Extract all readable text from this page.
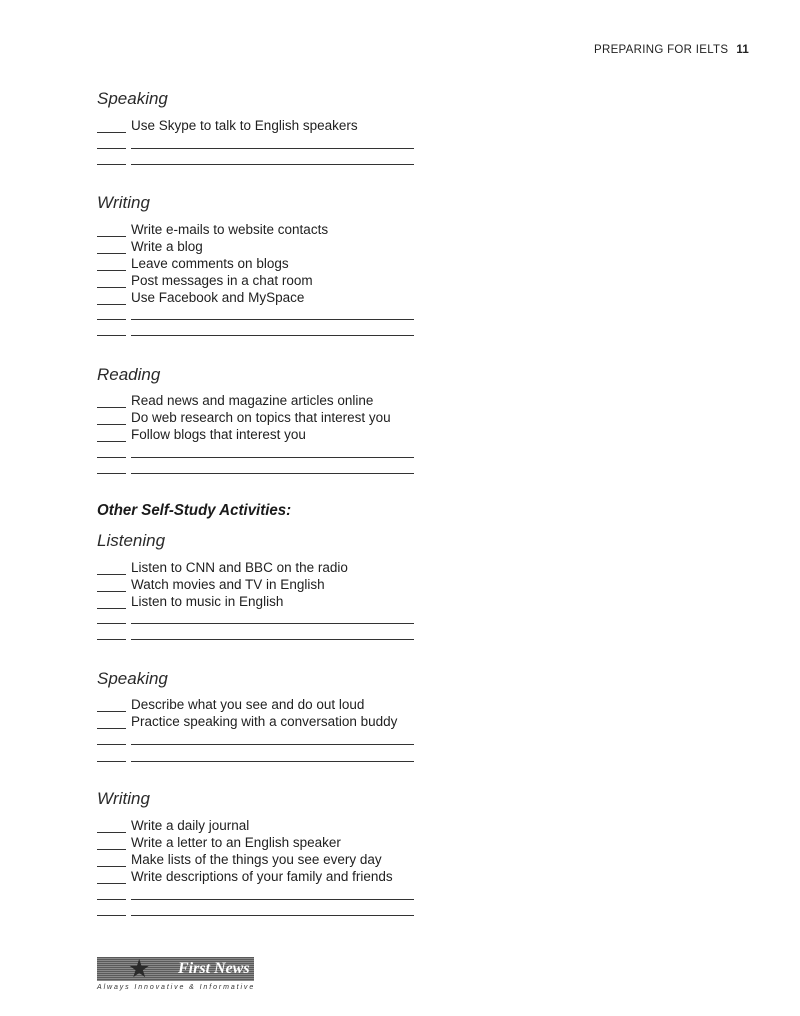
PREPARING FOR IELTS 11
Speaking
Use Skype to talk to English speakers
Writing
Write e-mails to website contacts
Write a blog
Leave comments on blogs
Post messages in a chat room
Use Facebook and MySpace
Reading
Read news and magazine articles online
Do web research on topics that interest you
Follow blogs that interest you
Other Self-Study Activities:
Listening
Listen to CNN and BBC on the radio
Watch movies and TV in English
Listen to music in English
Speaking
Describe what you see and do out loud
Practice speaking with a conversation buddy
Writing
Write a daily journal
Write a letter to an English speaker
Make lists of the things you see every day
Write descriptions of your family and friends
★ First News
Always Innovative & Informative
